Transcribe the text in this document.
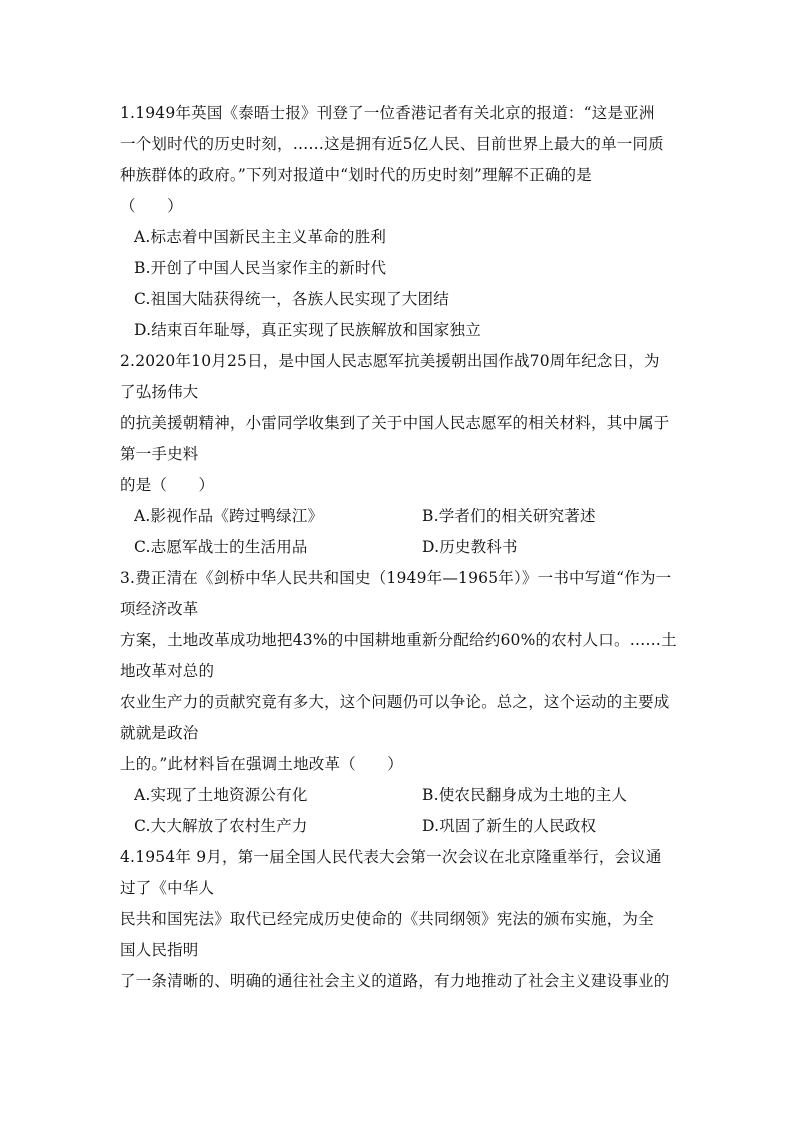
1.1949年英国《泰晤士报》刊登了一位香港记者有关北京的报道：“这是亚洲
一个划时代的历史时刻，……这是拥有近5亿人民、目前世界上最大的单一同质
种族群体的政府。”下列对报道中“划时代的历史时刻”理解不正确的是
（　　）
A.标志着中国新民主主义革命的胜利
B.开创了中国人民当家作主的新时代
C.祖国大陆获得统一，各族人民实现了大团结
D.结束百年耻辱，真正实现了民族解放和国家独立
2.2020年10月25日，是中国人民志愿军抗美援朝出国作战70周年纪念日，为
了弘扬伟大
的抗美援朝精神，小雷同学收集到了关于中国人民志愿军的相关材料，其中属于
第一手史料
的是（　　）
A.影视作品《跨过鸭绿江》	B.学者们的相关研究著述
C.志愿军战士的生活用品	D.历史教科书
3.费正清在《剑桥中华人民共和国史（1949年—1965年）》一书中写道“作为一
项经济改革
方案，土地改革成功地把43%的中国耕地重新分配给约60%的农村人口。……土
地改革对总的
农业生产力的贡献究竟有多大，这个问题仍可以争论。总之，这个运动的主要成
就就是政治
上的。”此材料旨在强调土地改革（　　）
A.实现了土地资源公有化	B.使农民翻身成为土地的主人
C.大大解放了农村生产力	D.巩固了新生的人民政权
4.1954年 9月，第一届全国人民代表大会第一次会议在北京隆重举行，会议通
过了《中华人
民共和国宪法》取代已经完成历史使命的《共同纲领》宪法的颁布实施，为全
国人民指明
了一条清晰的、明确的通往社会主义的道路，有力地推动了社会主义建设事业的
